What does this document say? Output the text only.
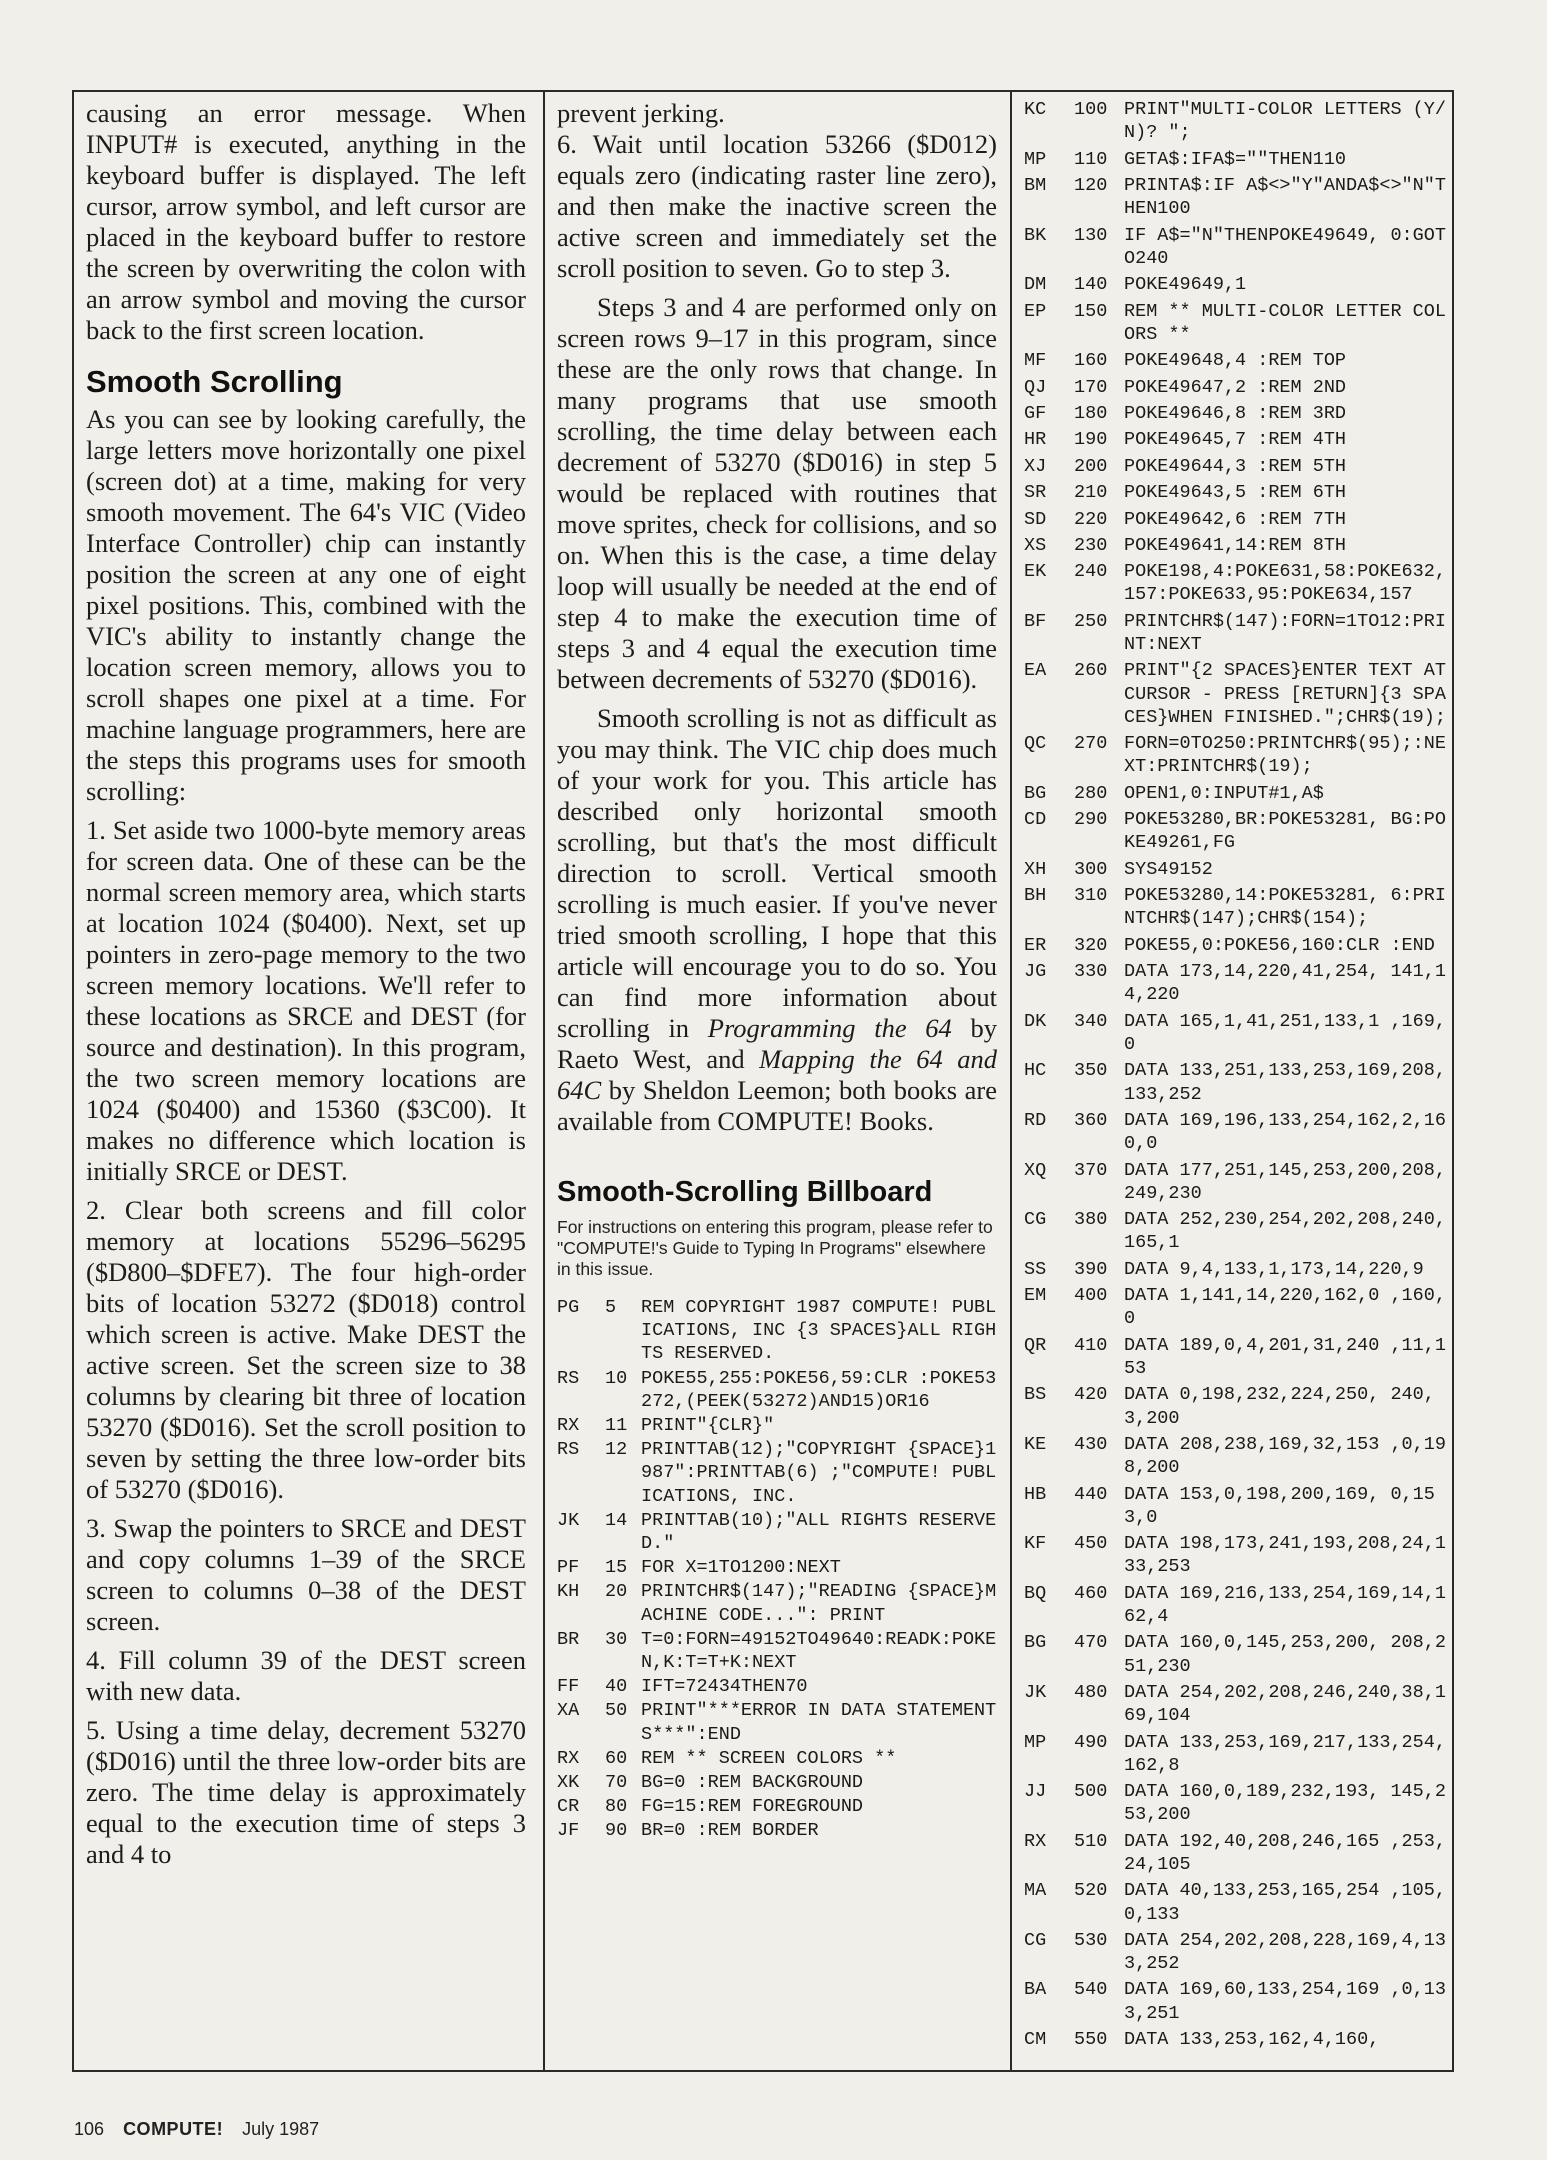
causing an error message. When INPUT# is executed, anything in the keyboard buffer is displayed. The left cursor, arrow symbol, and left cursor are placed in the keyboard buffer to restore the screen by overwriting the colon with an arrow symbol and moving the cursor back to the first screen location.

Smooth Scrolling

As you can see by looking carefully, the large letters move horizontally one pixel (screen dot) at a time, making for very smooth movement. The 64's VIC (Video Interface Controller) chip can instantly position the screen at any one of eight pixel positions. This, combined with the VIC's ability to instantly change the location screen memory, allows you to scroll shapes one pixel at a time. For machine language programmers, here are the steps this programs uses for smooth scrolling:

1. Set aside two 1000-byte memory areas for screen data. One of these can be the normal screen memory area, which starts at location 1024 ($0400). Next, set up pointers in zero-page memory to the two screen memory locations. We'll refer to these locations as SRCE and DEST (for source and destination). In this program, the two screen memory locations are 1024 ($0400) and 15360 ($3C00). It makes no difference which location is initially SRCE or DEST.

2. Clear both screens and fill color memory at locations 55296–56295 ($D800–$DFE7). The four high-order bits of location 53272 ($D018) control which screen is active. Make DEST the active screen. Set the screen size to 38 columns by clearing bit three of location 53270 ($D016). Set the scroll position to seven by setting the three low-order bits of 53270 ($D016).

3. Swap the pointers to SRCE and DEST and copy columns 1–39 of the SRCE screen to columns 0–38 of the DEST screen.

4. Fill column 39 of the DEST screen with new data.

5. Using a time delay, decrement 53270 ($D016) until the three low-order bits are zero. The time delay is approximately equal to the execution time of steps 3 and 4 to

prevent jerking.

6. Wait until location 53266 ($D012) equals zero (indicating raster line zero), and then make the inactive screen the active screen and immediately set the scroll position to seven. Go to step 3.

Steps 3 and 4 are performed only on screen rows 9–17 in this program, since these are the only rows that change. In many programs that use smooth scrolling, the time delay between each decrement of 53270 ($D016) in step 5 would be replaced with routines that move sprites, check for collisions, and so on. When this is the case, a time delay loop will usually be needed at the end of step 4 to make the execution time of steps 3 and 4 equal the execution time between decrements of 53270 ($D016).

Smooth scrolling is not as difficult as you may think. The VIC chip does much of your work for you. This article has described only horizontal smooth scrolling, but that's the most difficult direction to scroll. Vertical smooth scrolling is much easier. If you've never tried smooth scrolling, I hope that this article will encourage you to do so. You can find more information about scrolling in Programming the 64 by Raeto West, and Mapping the 64 and 64C by Sheldon Leemon; both books are available from COMPUTE! Books.

Smooth-Scrolling Billboard
For instructions on entering this program, please refer to "COMPUTE!'s Guide to Typing In Programs" elsewhere in this issue.
PG	5	REM COPYRIGHT 1987 COMPUTE! PUBLICATIONS, INC {3 SPACES}ALL RIGHTS RESERVED.
RS	10 POKE55,255:POKE56,59:CLR :POKE53272,(PEEK(53272)AND15)OR16
RX	11 PRINT"{CLR}"
RS	12 PRINTTAB(12);"COPYRIGHT {SPACE}1987":PRINTTAB(6) ;"COMPUTE! PUBLICATIONS, INC.
JK	14 PRINTTAB(10);"ALL RIGHTS RESERVED."
PF	15 FOR X=1TO1200:NEXT
KH	20 PRINTCHR$(147);"READING {SPACE}MACHINE CODE...": PRINT
BR	30 T=0:FORN=49152TO49640:READK:POKEN,K:T=T+K:NEXT
FF	40 IFT=72434THEN70
XA	50 PRINT"***ERROR IN DATA STATEMENTS***":END
RX	60 REM ** SCREEN COLORS **
XK	70 BG=0 :REM BACKGROUND
CR	80 FG=15:REM FOREGROUND
JF	90 BR=0 :REM BORDER
KC	100 PRINT"MULTI-COLOR LETTERS (Y/N)? ";
MP	110 GETA$:IFA$=""THEN110
BM	120 PRINTA$:IF A$<>"Y"ANDA$<>"N"THEN100
BK	130 IF A$="N"THENPOKE49649, 0:GOTO240
DM	140 POKE49649,1
EP	150 REM ** MULTI-COLOR LETTER COLORS **
MF	160 POKE49648,4 :REM TOP
QJ	170 POKE49647,2 :REM 2ND
GF	180 POKE49646,8 :REM 3RD
HR	190 POKE49645,7 :REM 4TH
XJ	200 POKE49644,3 :REM 5TH
SR	210 POKE49643,5 :REM 6TH
SD	220 POKE49642,6 :REM 7TH
XS	230 POKE49641,14:REM 8TH
EK	240 POKE198,4:POKE631,58:POKE632,157:POKE633,95:POKE634,157
BF	250 PRINTCHR$(147):FORN=1TO12:PRINT:NEXT
EA	260 PRINT"{2 SPACES}ENTER TEXT AT CURSOR - PRESS [RETURN]{3 SPACES}WHEN FINISHED.";CHR$(19);
QC	270 FORN=0TO250:PRINTCHR$(95);:NEXT:PRINTCHR$(19);
BG	280 OPEN1,0:INPUT#1,A$
CD	290 POKE53280,BR:POKE53281, BG:POKE49261,FG
XH	300 SYS49152
BH	310 POKE53280,14:POKE53281, 6:PRINTCHR$(147);CHR$(154);
ER	320 POKE55,0:POKE56,160:CLR :END
JG	330 DATA 173,14,220,41,254, 141,14,220
DK	340 DATA 165,1,41,251,133,1 ,169,0
HC	350 DATA 133,251,133,253,169,208,133,252
RD	360 DATA 169,196,133,254,162,2,160,0
XQ	370 DATA 177,251,145,253,200,208,249,230
CG	380 DATA 252,230,254,202,208,240,165,1
SS	390 DATA 9,4,133,1,173,14,220,9
EM	400 DATA 1,141,14,220,162,0 ,160,0
QR	410 DATA 189,0,4,201,31,240 ,11,153
BS	420 DATA 0,198,232,224,250, 240,3,200
KE	430 DATA 208,238,169,32,153 ,0,198,200
HB	440 DATA 153,0,198,200,169, 0,153,0
KF	450 DATA 198,173,241,193,208,24,133,253
BQ	460 DATA 169,216,133,254,169,14,162,4
BG	470 DATA 160,0,145,253,200, 208,251,230
JK	480 DATA 254,202,208,246,240,38,169,104
MP	490 DATA 133,253,169,217,133,254,162,8
JJ	500 DATA 160,0,189,232,193, 145,253,200
RX	510 DATA 192,40,208,246,165 ,253,24,105
MA	520 DATA 40,133,253,165,254 ,105,0,133
CG	530 DATA 254,202,208,228,169,4,133,252
BA	540 DATA 169,60,133,254,169 ,0,133,251
CM	550 DATA 133,253,162,4,160,
106 COMPUTE! July 1987
